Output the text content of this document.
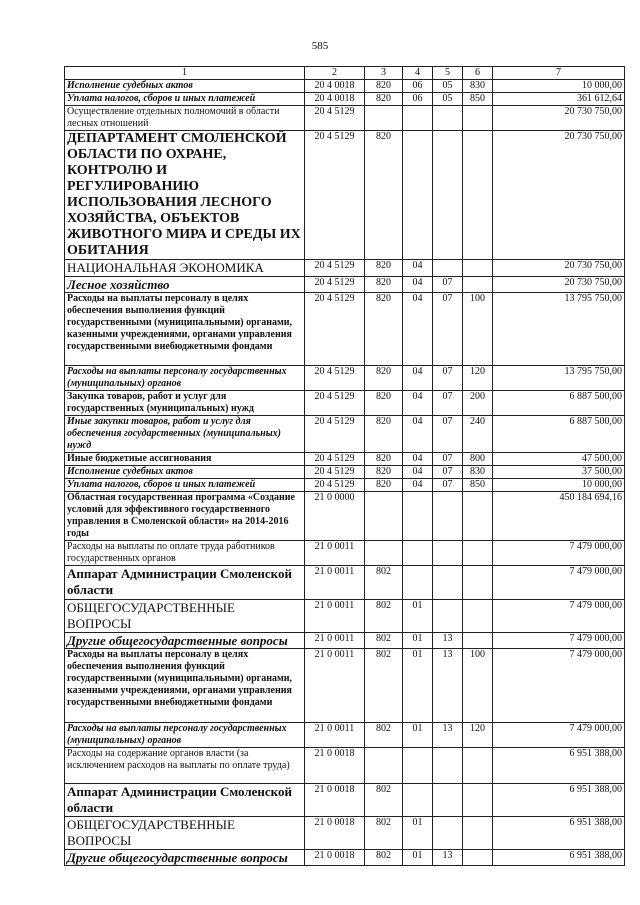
585
1	2	3	4	5	6	7
Исполнение судебных актов	20 4 0018	820	06	05	830	10 000,00
Уплата налогов, сборов и иных платежей	20 4 0018	820	06	05	850	361 612,64
Осуществление отдельных полномочий в области лесных отношений	20 4 5129					20 730 750,00
ДЕПАРТАМЕНТ СМОЛЕНСКОЙ ОБЛАСТИ ПО ОХРАНЕ, КОНТРОЛЮ И РЕГУЛИРОВАНИЮ ИСПОЛЬЗОВАНИЯ ЛЕСНОГО ХОЗЯЙСТВА, ОБЪЕКТОВ ЖИВОТНОГО МИРА И СРЕДЫ ИХ ОБИТАНИЯ	20 4 5129	820				20 730 750,00
НАЦИОНАЛЬНАЯ ЭКОНОМИКА	20 4 5129	820	04			20 730 750,00
Лесное хозяйство	20 4 5129	820	04	07		20 730 750,00
Расходы на выплаты персоналу в целях обеспечения выполнения функций государственными (муниципальными) органами, казенными учреждениями, органами управления государственными внебюджетными фондами	20 4 5129	820	04	07	100	13 795 750,00
Расходы на выплаты персоналу государственных (муниципальных) органов	20 4 5129	820	04	07	120	13 795 750,00
Закупка товаров, работ и услуг для государственных (муниципальных) нужд	20 4 5129	820	04	07	200	6 887 500,00
Иные закупки товаров, работ и услуг для обеспечения государственных (муниципальных) нужд	20 4 5129	820	04	07	240	6 887 500,00
Иные бюджетные ассигнования	20 4 5129	820	04	07	800	47 500,00
Исполнение судебных актов	20 4 5129	820	04	07	830	37 500,00
Уплата налогов, сборов и иных платежей	20 4 5129	820	04	07	850	10 000,00
Областная государственная программа «Создание условий для эффективного государственного управления в Смоленской области» на 2014-2016 годы	21 0 0000					450 184 694,16
Расходы на выплаты по оплате труда работников государственных органов	21 0 0011					7 479 000,00
Аппарат Администрации Смоленской области	21 0 0011	802				7 479 000,00
ОБЩЕГОСУДАРСТВЕННЫЕ ВОПРОСЫ	21 0 0011	802	01			7 479 000,00
Другие общегосударственные вопросы	21 0 0011	802	01	13		7 479 000,00
Расходы на выплаты персоналу в целях обеспечения выполнения функций государственными (муниципальными) органами, казенными учреждениями, органами управления государственными внебюджетными фондами	21 0 0011	802	01	13	100	7 479 000,00
Расходы на выплаты персоналу государственных (муниципальных) органов	21 0 0011	802	01	13	120	7 479 000,00
Расходы на содержание органов власти (за исключением расходов на выплаты по оплате труда)	21 0 0018					6 951 388,00
Аппарат Администрации Смоленской области	21 0 0018	802				6 951 388,00
ОБЩЕГОСУДАРСТВЕННЫЕ ВОПРОСЫ	21 0 0018	802	01			6 951 388,00
Другие общегосударственные вопросы	21 0 0018	802	01	13		6 951 388,00
